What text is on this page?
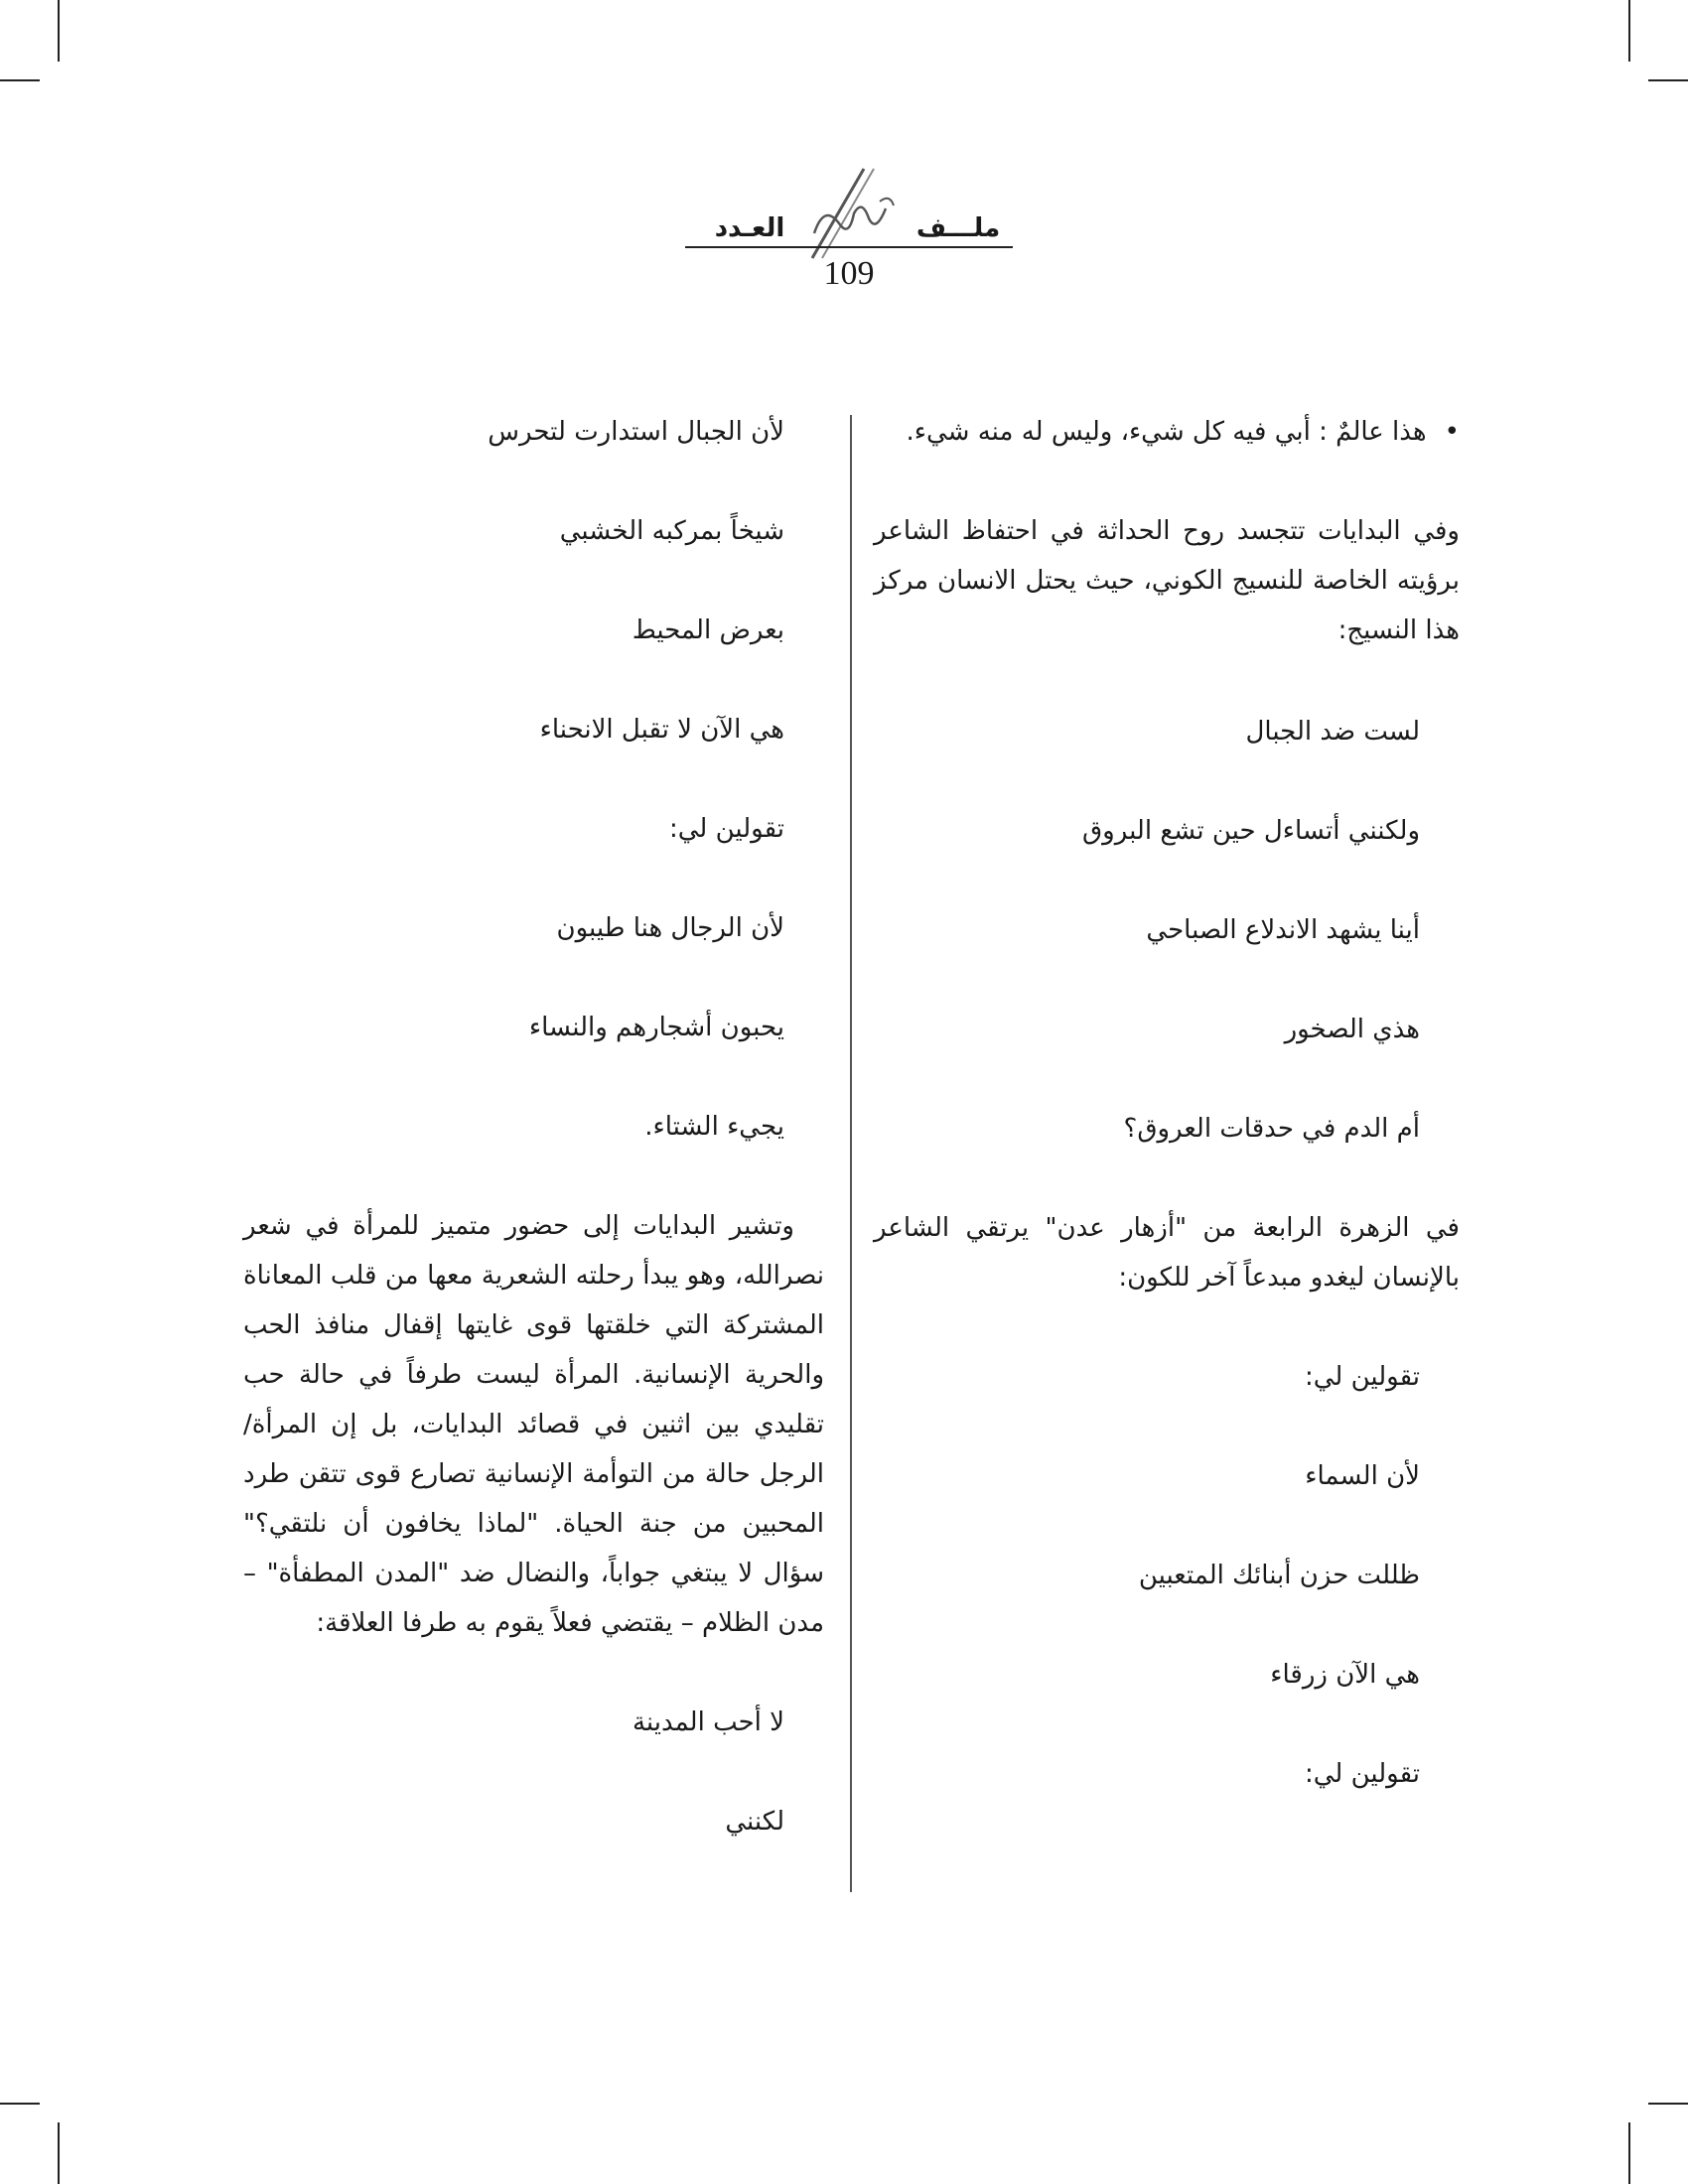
العـدد	ملـــف
109

• هذا عالمٌ : أبي فيه كل شيء، وليس له منه شيء.

وفي البدايات تتجسد روح الحداثة في احتفاظ الشاعر برؤيته الخاصة للنسيج الكوني، حيث يحتل الانسان مركز هذا النسيج:

لست ضد الجبال

ولكنني أتساءل حين تشع البروق

أينا يشهد الاندلاع الصباحي

هذي الصخور

أم الدم في حدقات العروق؟

في الزهرة الرابعة من "أزهار عدن" يرتقي الشاعر بالإنسان ليغدو مبدعاً آخر للكون:

تقولين لي:

لأن السماء

ظللت حزن أبنائك المتعبين

هي الآن زرقاء

تقولين لي:

لأن الجبال استدارت لتحرس

شيخاً بمركبه الخشبي

بعرض المحيط

هي الآن لا تقبل الانحناء

تقولين لي:

لأن الرجال هنا طيبون

يحبون أشجارهم والنساء

يجيء الشتاء.

وتشير البدايات إلى حضور متميز للمرأة في شعر نصرالله، وهو يبدأ رحلته الشعرية معها من قلب المعاناة المشتركة التي خلقتها قوى غايتها إقفال منافذ الحب والحرية الإنسانية. المرأة ليست طرفاً في حالة حب تقليدي بين اثنين في قصائد البدايات، بل إن المرأة/الرجل حالة من التوأمة الإنسانية تصارع قوى تتقن طرد المحبين من جنة الحياة. "لماذا يخافون أن نلتقي؟" سؤال لا يبتغي جواباً، والنضال ضد "المدن المطفأة" – مدن الظلام – يقتضي فعلاً يقوم به طرفا العلاقة:

لا أحب المدينة

لكنني
